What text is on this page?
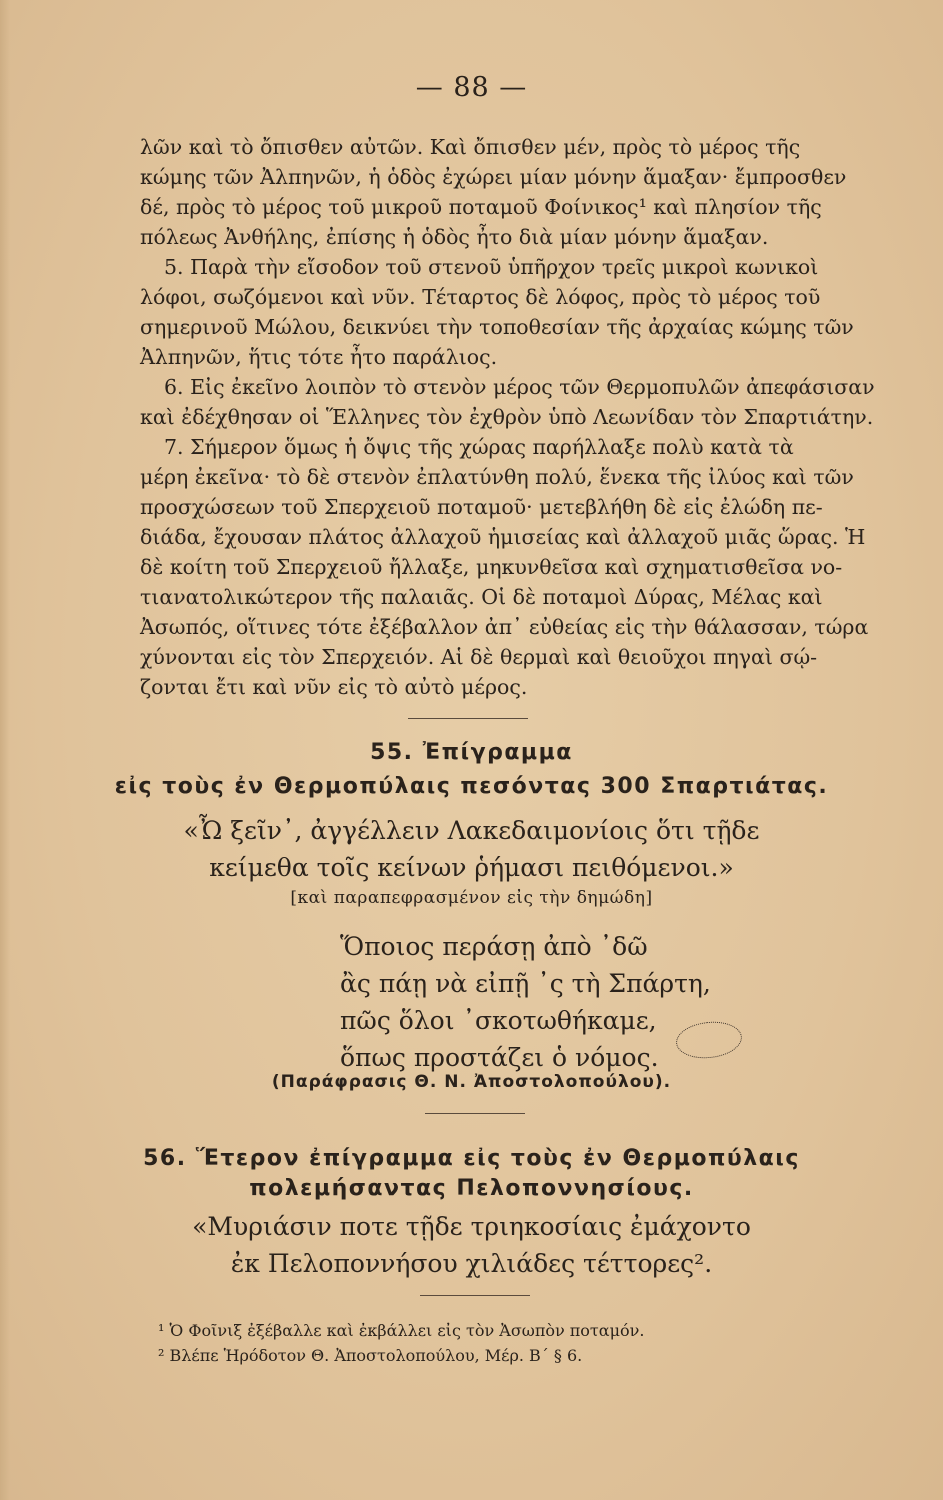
— 88 —
λῶν καὶ τὸ ὄπισθεν αὐτῶν. Καὶ ὄπισθεν μέν, πρὸς τὸ μέρος τῆς
κώμης τῶν Ἀλπηνῶν, ἡ ὁδὸς ἐχώρει μίαν μόνην ἅμαξαν· ἔμπροσθεν
δέ, πρὸς τὸ μέρος τοῦ μικροῦ ποταμοῦ Φοίνικος¹ καὶ πλησίον τῆς
πόλεως Ἀνθήλης, ἐπίσης ἡ ὁδὸς ἦτο διὰ μίαν μόνην ἅμαξαν.
5. Παρὰ τὴν εἴσοδον τοῦ στενοῦ ὑπῆρχον τρεῖς μικροὶ κωνικοὶ
λόφοι, σωζόμενοι καὶ νῦν. Τέταρτος δὲ λόφος, πρὸς τὸ μέρος τοῦ
σημερινοῦ Μώλου, δεικνύει τὴν τοποθεσίαν τῆς ἀρχαίας κώμης τῶν
Ἀλπηνῶν, ἥτις τότε ἦτο παράλιος.
6. Εἰς ἐκεῖνο λοιπὸν τὸ στενὸν μέρος τῶν Θερμοπυλῶν ἀπεφάσισαν
καὶ ἐδέχθησαν οἱ Ἕλληνες τὸν ἐχθρὸν ὑπὸ Λεωνίδαν τὸν Σπαρτιάτην.
7. Σήμερον ὅμως ἡ ὄψις τῆς χώρας παρήλλαξε πολὺ κατὰ τὰ
μέρη ἐκεῖνα· τὸ δὲ στενὸν ἐπλατύνθη πολύ, ἕνεκα τῆς ἰλύος καὶ τῶν
προσχώσεων τοῦ Σπερχειοῦ ποταμοῦ· μετεβλήθη δὲ εἰς ἐλώδη πε-
διάδα, ἔχουσαν πλάτος ἀλλαχοῦ ἡμισείας καὶ ἀλλαχοῦ μιᾶς ὥρας. Ἡ
δὲ κοίτη τοῦ Σπερχειοῦ ἤλλαξε, μηκυνθεῖσα καὶ σχηματισθεῖσα νο-
τιανατολικώτερον τῆς παλαιᾶς. Οἱ δὲ ποταμοὶ Δύρας, Μέλας καὶ
Ἀσωπός, οἵτινες τότε ἐξέβαλλον ἀπ᾽ εὐθείας εἰς τὴν θάλασσαν, τώρα
χύνονται εἰς τὸν Σπερχειόν. Αἱ δὲ θερμαὶ καὶ θειοῦχοι πηγαὶ σῴ-
ζονται ἔτι καὶ νῦν εἰς τὸ αὐτὸ μέρος.
55. Ἐπίγραμμα
εἰς τοὺς ἐν Θερμοπύλαις πεσόντας 300 Σπαρτιάτας.
«Ὦ ξεῖν᾽, ἀγγέλλειν Λακεδαιμονίοις ὅτι τῇδε
κείμεθα τοῖς κείνων ῥήμασι πειθόμενοι.»
[καὶ παραπεφρασμένον εἰς τὴν δημώδη]
Ὅποιος περάσῃ ἀπὸ ᾽δῶ
ἂς πάῃ νὰ εἰπῇ ᾽ς τὴ Σπάρτη,
πῶς ὅλοι ᾽σκοτωθήκαμε,
ὅπως προστάζει ὁ νόμος.
(Παράφρασις Θ. Ν. Ἀποστολοπούλου).
56. Ἕτερον ἐπίγραμμα εἰς τοὺς ἐν Θερμοπύλαις
πολεμήσαντας Πελοποννησίους.
«Μυριάσιν ποτε τῇδε τριηκοσίαις ἐμάχοντο
ἐκ Πελοποννήσου χιλιάδες τέττορες².
¹ Ὁ Φοῖνιξ ἐξέβαλλε καὶ ἐκβάλλει εἰς τὸν Ἀσωπὸν ποταμόν.
² Βλέπε Ἡρόδοτον Θ. Ἀποστολοπούλου, Μέρ. Β´ § 6.
